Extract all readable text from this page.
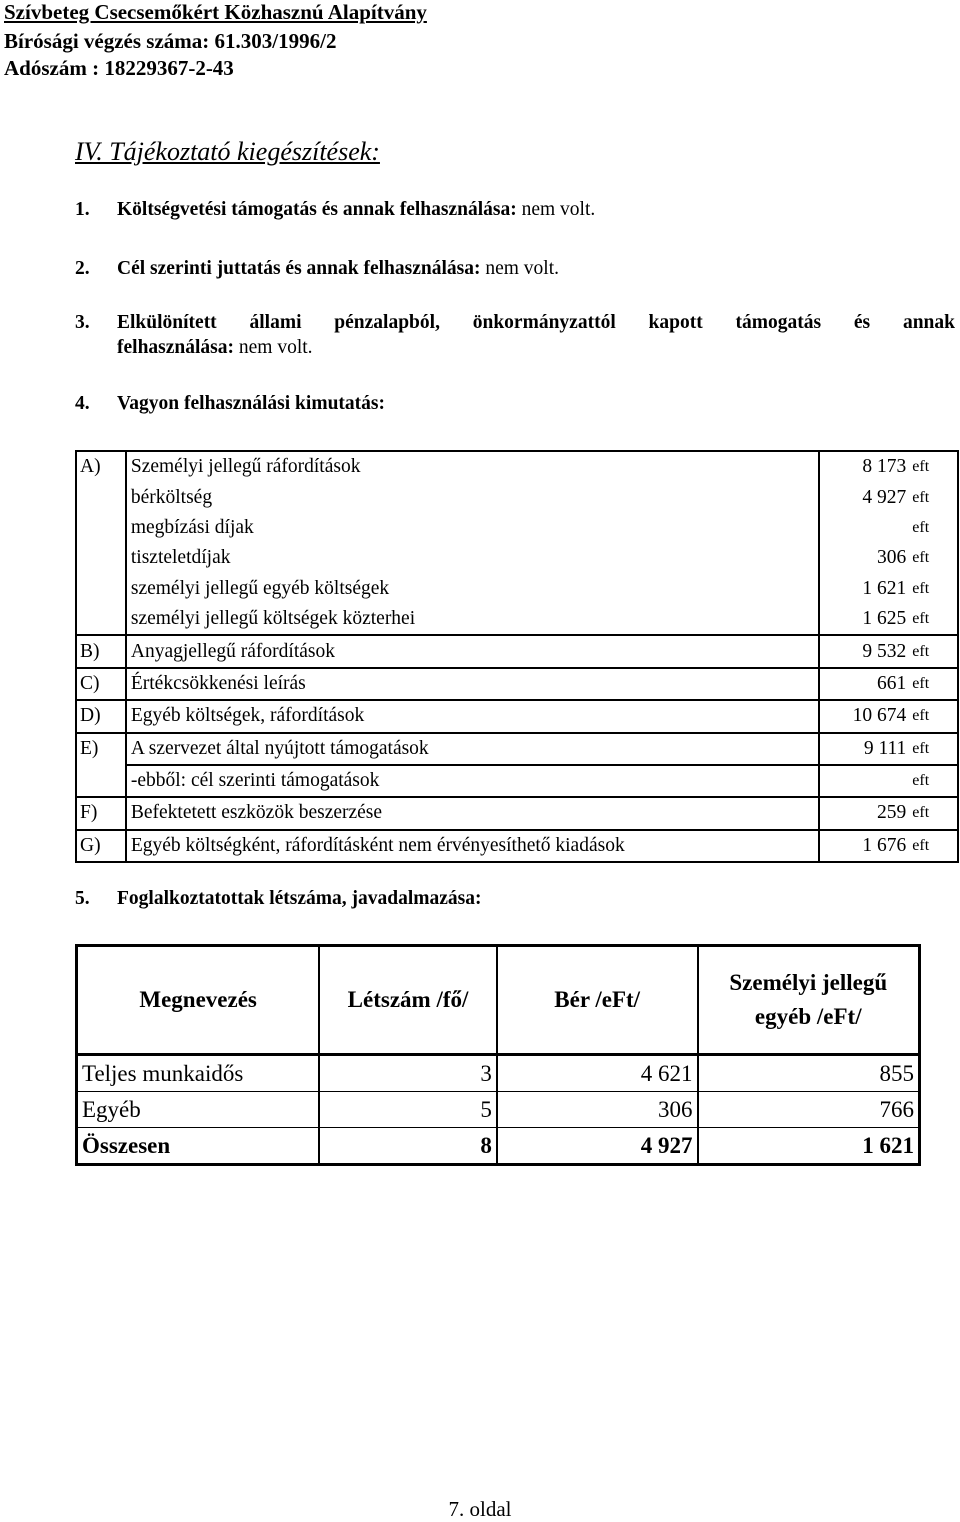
Szívbeteg Csecsemőkért Közhasznú Alapítvány
Bírósági végzés száma: 61.303/1996/2
Adószám : 18229367-2-43
IV. Tájékoztató kiegészítések:
1. Költségvetési támogatás és annak felhasználása: nem volt.
2. Cél szerinti juttatás és annak felhasználása: nem volt.
3.	Elkülönített állami pénzalapból, önkormányzattól kapott támogatás és annak
felhasználása: nem volt.
4. Vagyon felhasználási kimutatás:
A)	Személyi jellegű ráfordítások	8 173	eft
	bérköltség	4 927	eft
	megbízási díjak		eft
	tiszteletdíjak	306	eft
	személyi jellegű egyéb költségek	1 621	eft
	személyi jellegű költségek közterhei	1 625	eft
B)	Anyagjellegű ráfordítások	9 532	eft
C)	Értékcsökkenési leírás	661	eft
D)	Egyéb költségek, ráfordítások	10 674	eft
E)	A szervezet által nyújtott támogatások	9 111	eft
	-ebből: cél szerinti támogatások		eft
F)	Befektetett eszközök beszerzése	259	eft
G)	Egyéb költségként, ráfordításként nem érvényesíthető kiadások	1 676	eft
5. Foglalkoztatottak létszáma, javadalmazása:
Megnevezés	Létszám /fő/	Bér /eFt/	Személyi jellegű egyéb /eFt/
Teljes munkaidős	3	4 621	855
Egyéb	5	306	766
Összesen	8	4 927	1 621
7. oldal
